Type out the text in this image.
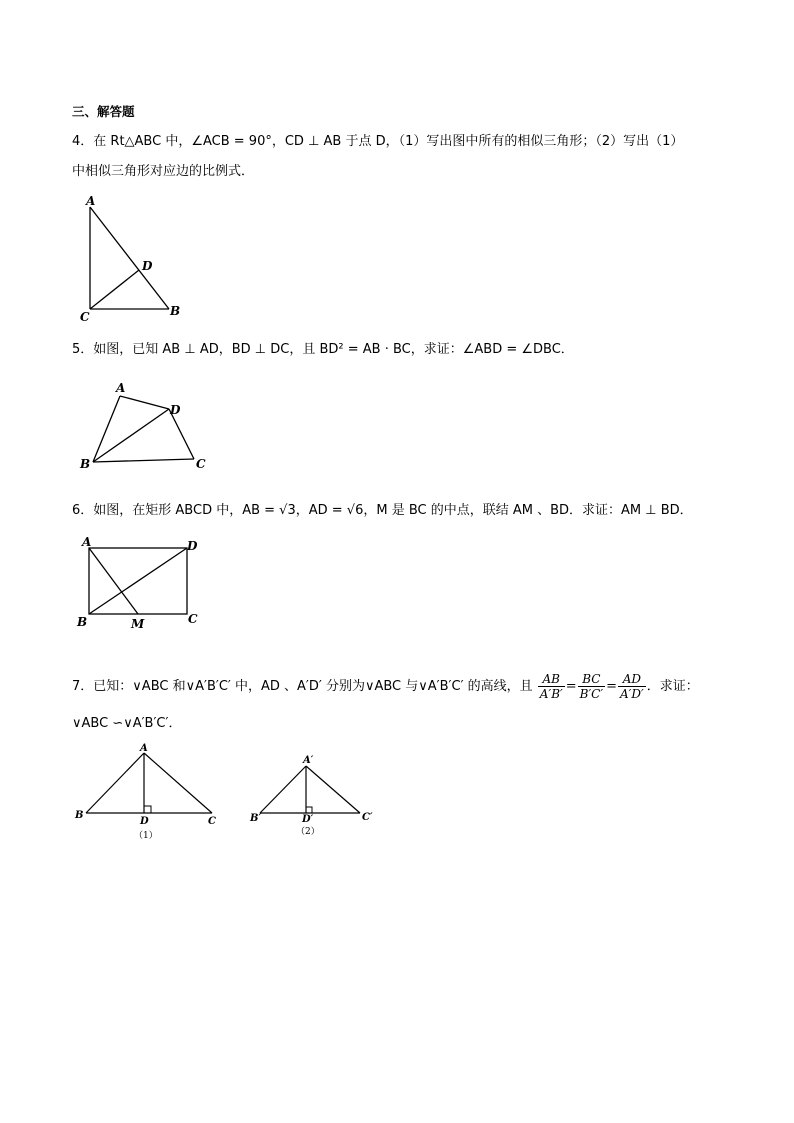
三、解答题
4．在 Rt△ABC 中，∠ACB = 90°，CD ⊥ AB 于点 D，（1）写出图中所有的相似三角形；（2）写出（1）
中相似三角形对应边的比例式．
A
D
C	B
5．如图，已知 AB ⊥ AD，BD ⊥ DC，且 BD² = AB · BC，求证：∠ABD = ∠DBC．
A
D
B	C
6．如图，在矩形 ABCD 中，AB = √3，AD = √6，M 是 BC 的中点，联结 AM 、BD．求证：AM ⊥ BD．
A	D
B	M	C
7．已知：∨ABC 和∨A′B′C′ 中，AD 、A′D′ 分别为∨ABC 与∨A′B′C′ 的高线，且 $\frac{AB}{A'B'} = \frac{BC}{B'C'} = \frac{AD}{A'D'}$ ．求证：
∨ABC ∽∨A′B′C′．
A
B
D	C
（1）
A′
B′	D′	C′
（2）
